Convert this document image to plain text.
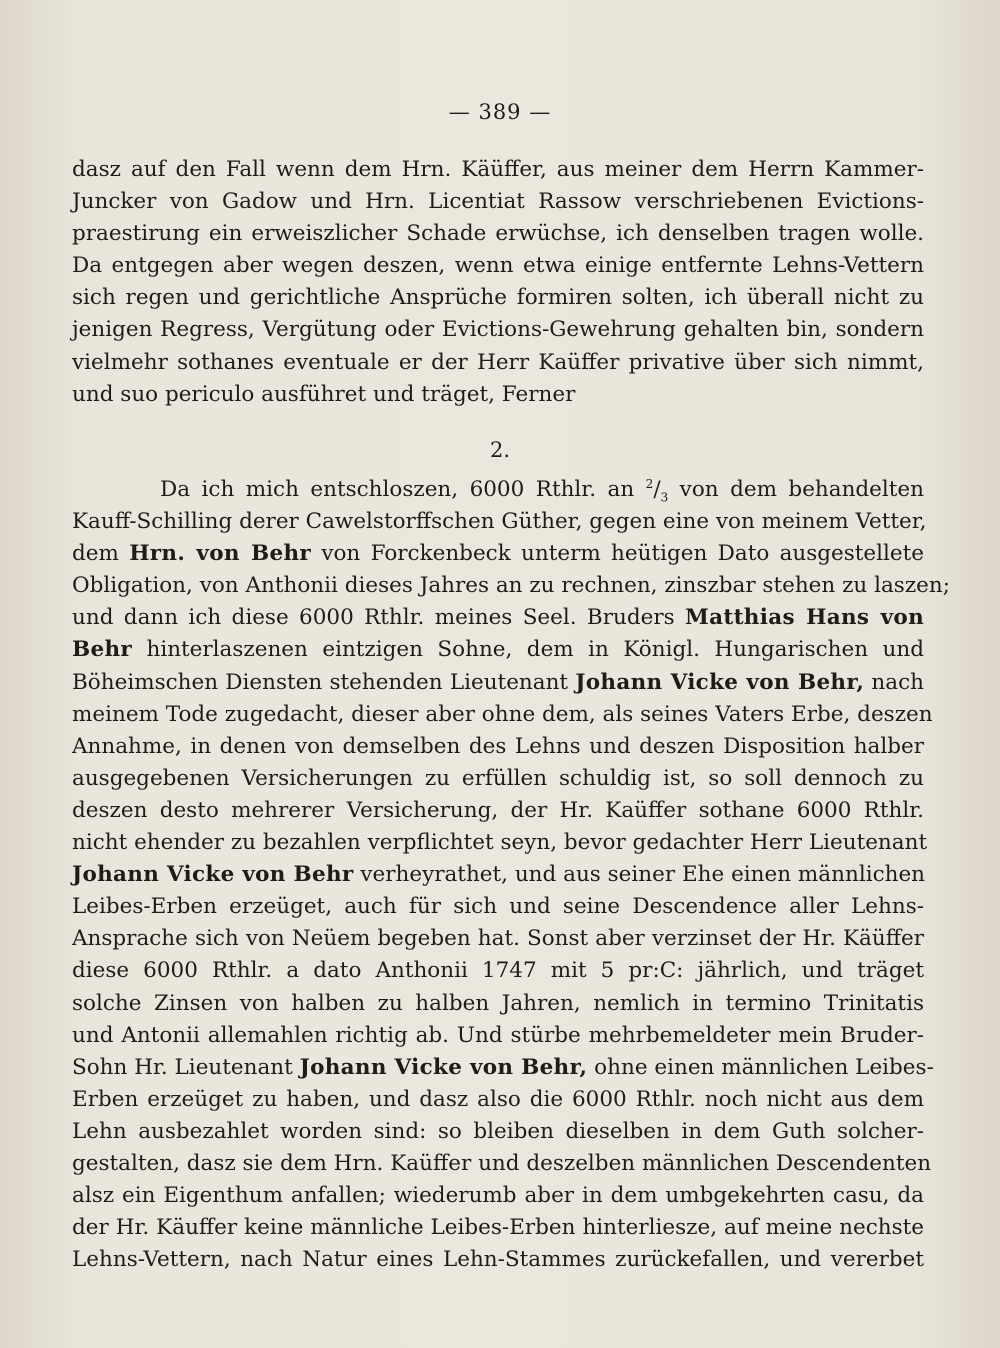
— 389 —
dasz auf den Fall wenn dem Hrn. Käüffer, aus meiner dem Herrn Kammer-
Juncker von Gadow und Hrn. Licentiat Rassow verschriebenen Evictions-
praestirung ein erweiszlicher Schade erwüchse, ich denselben tragen wolle.
Da entgegen aber wegen deszen, wenn etwa einige entfernte Lehns-Vettern
sich regen und gerichtliche Ansprüche formiren solten, ich überall nicht zu
jenigen Regress, Vergütung oder Evictions-Gewehrung gehalten bin, sondern
vielmehr sothanes eventuale er der Herr Kaüffer privative über sich nimmt,
und suo periculo ausführet und träget, Ferner
2.
Da ich mich entschloszen, 6000 Rthlr. an $^2/_3$ von dem behandelten
Kauff-Schilling derer Cawelstorffschen Güther, gegen eine von meinem Vetter,
dem Hrn. von Behr von Forckenbeck unterm heütigen Dato ausgestellete
Obligation, von Anthonii dieses Jahres an zu rechnen, zinszbar stehen zu laszen;
und dann ich diese 6000 Rthlr. meines Seel. Bruders Matthias Hans von
Behr hinterlaszenen eintzigen Sohne, dem in Königl. Hungarischen und
Böheimschen Diensten stehenden Lieutenant Johann Vicke von Behr, nach
meinem Tode zugedacht, dieser aber ohne dem, als seines Vaters Erbe, deszen
Annahme, in denen von demselben des Lehns und deszen Disposition halber
ausgegebenen Versicherungen zu erfüllen schuldig ist, so soll dennoch zu
deszen desto mehrerer Versicherung, der Hr. Kaüffer sothane 6000 Rthlr.
nicht ehender zu bezahlen verpflichtet seyn, bevor gedachter Herr Lieutenant
Johann Vicke von Behr verheyrathet, und aus seiner Ehe einen männlichen
Leibes-Erben erzeüget, auch für sich und seine Descendence aller Lehns-
Ansprache sich von Neüem begeben hat. Sonst aber verzinset der Hr. Käüffer
diese 6000 Rthlr. a dato Anthonii 1747 mit 5 pr:C: jährlich, und träget
solche Zinsen von halben zu halben Jahren, nemlich in termino Trinitatis
und Antonii allemahlen richtig ab. Und stürbe mehrbemeldeter mein Bruder-
Sohn Hr. Lieutenant Johann Vicke von Behr, ohne einen männlichen Leibes-
Erben erzeüget zu haben, und dasz also die 6000 Rthlr. noch nicht aus dem
Lehn ausbezahlet worden sind: so bleiben dieselben in dem Guth solcher-
gestalten, dasz sie dem Hrn. Kaüffer und deszelben männlichen Descendenten
alsz ein Eigenthum anfallen; wiederumb aber in dem umbgekehrten casu, da
der Hr. Käuffer keine männliche Leibes-Erben hinterliesze, auf meine nechste
Lehns-Vettern, nach Natur eines Lehn-Stammes zurückefallen, und vererbet
